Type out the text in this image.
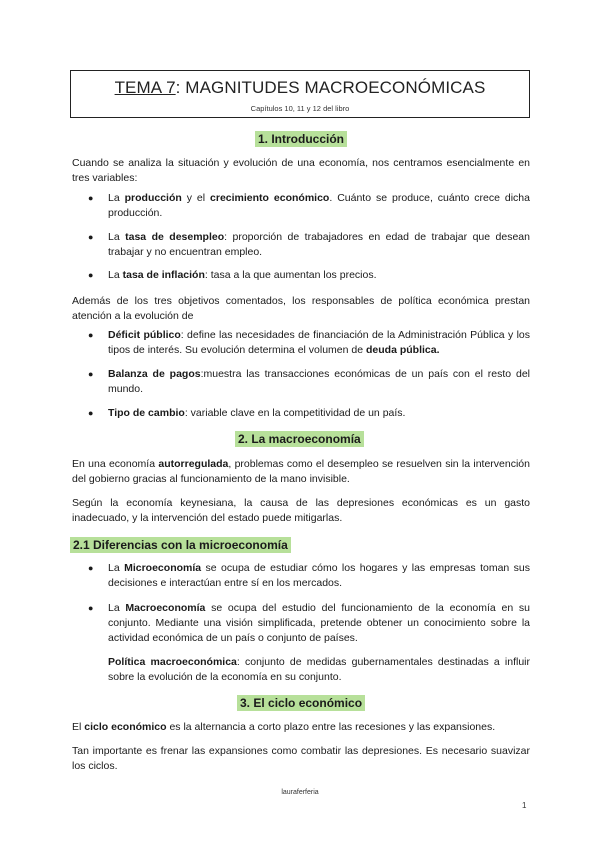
TEMA 7: MAGNITUDES MACROECONÓMICAS
Capítulos 10, 11 y 12 del libro
1. Introducción
Cuando se analiza la situación y evolución de una economía, nos centramos esencialmente en tres variables:
●	La producción y el crecimiento económico. Cuánto se produce, cuánto crece dicha producción.
●	La tasa de desempleo: proporción de trabajadores en edad de trabajar que desean trabajar y no encuentran empleo.
●	La tasa de inflación: tasa a la que aumentan los precios.
Además de los tres objetivos comentados, los responsables de política económica prestan atención a la evolución de
●	Déficit público: define las necesidades de financiación de la Administración Pública y los tipos de interés. Su evolución determina el volumen de deuda pública.
●	Balanza de pagos:muestra las transacciones económicas de un país con el resto del mundo.
●	Tipo de cambio: variable clave en la competitividad de un país.
2. La macroeconomía
En una economía autorregulada, problemas como el desempleo se resuelven sin la intervención del gobierno gracias al funcionamiento de la mano invisible.
Según la economía keynesiana, la causa de las depresiones económicas es un gasto inadecuado, y la intervención del estado puede mitigarlas.
2.1 Diferencias con la microeconomía
●	La Microeconomía se ocupa de estudiar cómo los hogares y las empresas toman sus decisiones e interactúan entre sí en los mercados.
●	La Macroeconomía se ocupa del estudio del funcionamiento de la economía en su conjunto. Mediante una visión simplificada, pretende obtener un conocimiento sobre la actividad económica de un país o conjunto de países.
Política macroeconómica: conjunto de medidas gubernamentales destinadas a influir sobre la evolución de la economía en su conjunto.
3. El ciclo económico
El ciclo económico es la alternancia a corto plazo entre las recesiones y las expansiones.
Tan importante es frenar las expansiones como combatir las depresiones. Es necesario suavizar los ciclos.
lauraferferia
1
